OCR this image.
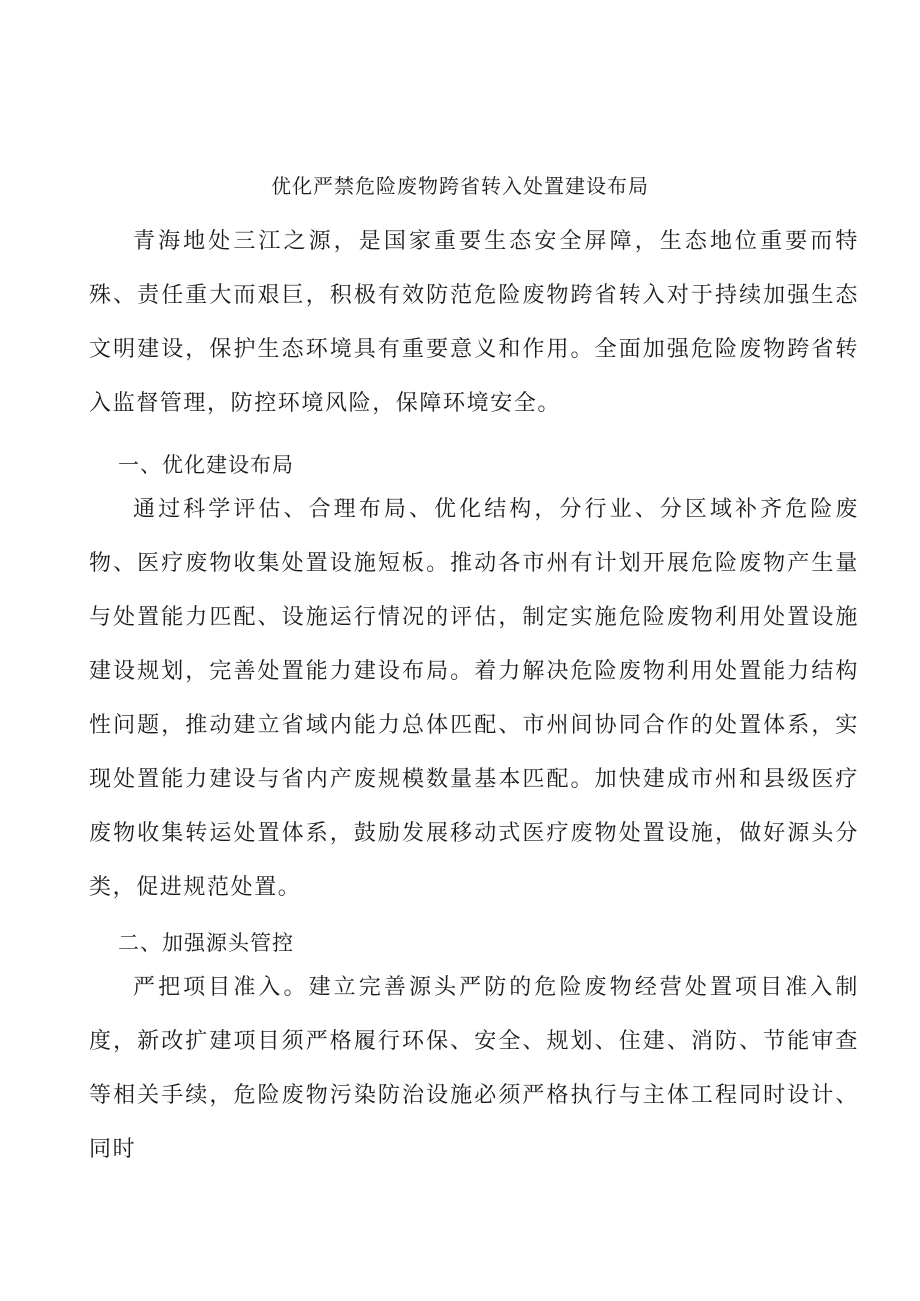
优化严禁危险废物跨省转入处置建设布局
青海地处三江之源，是国家重要生态安全屏障，生态地位重要而特殊、责任重大而艰巨，积极有效防范危险废物跨省转入对于持续加强生态文明建设，保护生态环境具有重要意义和作用。全面加强危险废物跨省转入监督管理，防控环境风险，保障环境安全。
一、优化建设布局
通过科学评估、合理布局、优化结构，分行业、分区域补齐危险废物、医疗废物收集处置设施短板。推动各市州有计划开展危险废物产生量与处置能力匹配、设施运行情况的评估，制定实施危险废物利用处置设施建设规划，完善处置能力建设布局。着力解决危险废物利用处置能力结构性问题，推动建立省域内能力总体匹配、市州间协同合作的处置体系，实现处置能力建设与省内产废规模数量基本匹配。加快建成市州和县级医疗废物收集转运处置体系，鼓励发展移动式医疗废物处置设施，做好源头分类，促进规范处置。
二、加强源头管控
严把项目准入。建立完善源头严防的危险废物经营处置项目准入制度，新改扩建项目须严格履行环保、安全、规划、住建、消防、节能审查等相关手续，危险废物污染防治设施必须严格执行与主体工程同时设计、同时
